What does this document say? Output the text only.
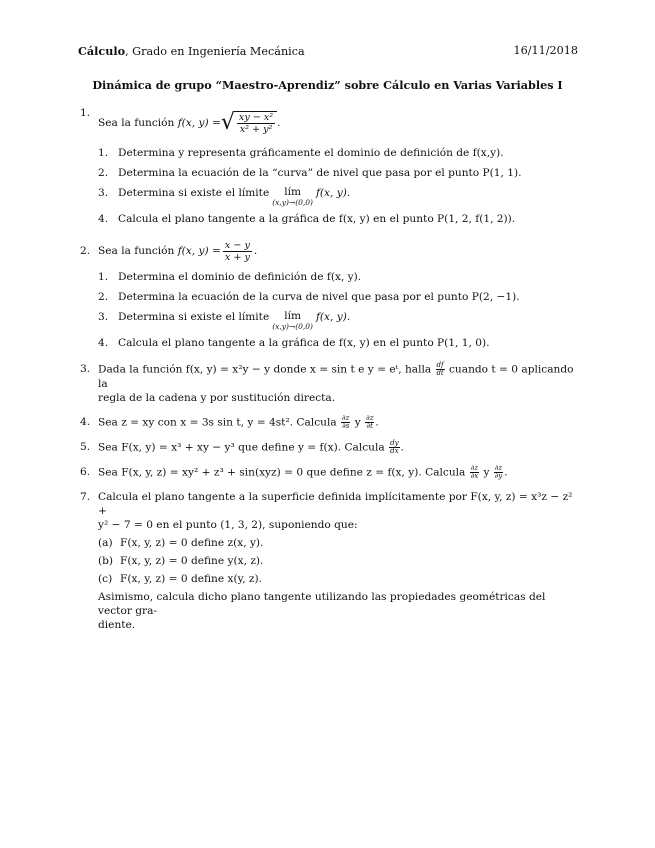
Cálculo, Grado en Ingeniería Mecánica	16/11/2018
Dinámica de grupo “Maestro-Aprendiz” sobre Cálculo en Varias Variables I
1.
Sea la función
f(x, y) = √ $\frac{\text{xy − x²}}{\text{x² + y²}}$ .
1. Determina y representa gráficamente el dominio de definición de f(x,y).
2. Determina la ecuación de la “curva” de nivel que pasa por el punto P(1, 1).
3. Determina si existe el límite lím
(x,y)→(0,0)
f(x, y).
4. Calcula el plano tangente a la gráfica de f(x, y) en el punto P(1, 2, f(1, 2)).
2. Sea la función
f(x, $y) = \frac{x - y}{x + y}$ .
1. Determina el dominio de definición de f(x, y).
2. Determina la ecuación de la curva de nivel que pasa por el punto P(2, −1).
3. Determina si existe el límite lím
(x,y)→(0,0)
f(x, y).
4. Calcula el plano tangente a la gráfica de f(x, y) en el punto P(1, 1, 0).
3. Dada la función f(x, y) = x²y − y donde x = sin t e y = eᵗ, halla $\frac{df}{dt}$ cuando t = 0 aplicando la
regla de la cadena y por sustitución directa.
4. Sea z = xy con x = 3s sin t, y = 4st². Calcula $\frac{\partial z}{\partial s}$ y $\frac{\partial z}{\partial t}$ .
5. Sea F(x, y) = x³ + xy − y³ que define y = f(x). Calcula $\frac{dy}{dx}$ .
6. Sea F(x, y, z) = xy² + z³ + sin(xyz) = 0 que define z = f(x, y). Calcula $\frac{\partial z}{\partial x}$ y $\frac{\partial z}{\partial y}$ .
7. Calcula el plano tangente a la superficie definida implícitamente por F(x, y, z) = x³z − z² +
y² − 7 = 0 en el punto (1, 3, 2), suponiendo que:
(a) F(x, y, z) = 0 define z(x, y).
(b) F(x, y, z) = 0 define y(x, z).
(c) F(x, y, z) = 0 define x(y, z).
Asimismo, calcula dicho plano tangente utilizando las propiedades geométricas del vector gra-
diente.
